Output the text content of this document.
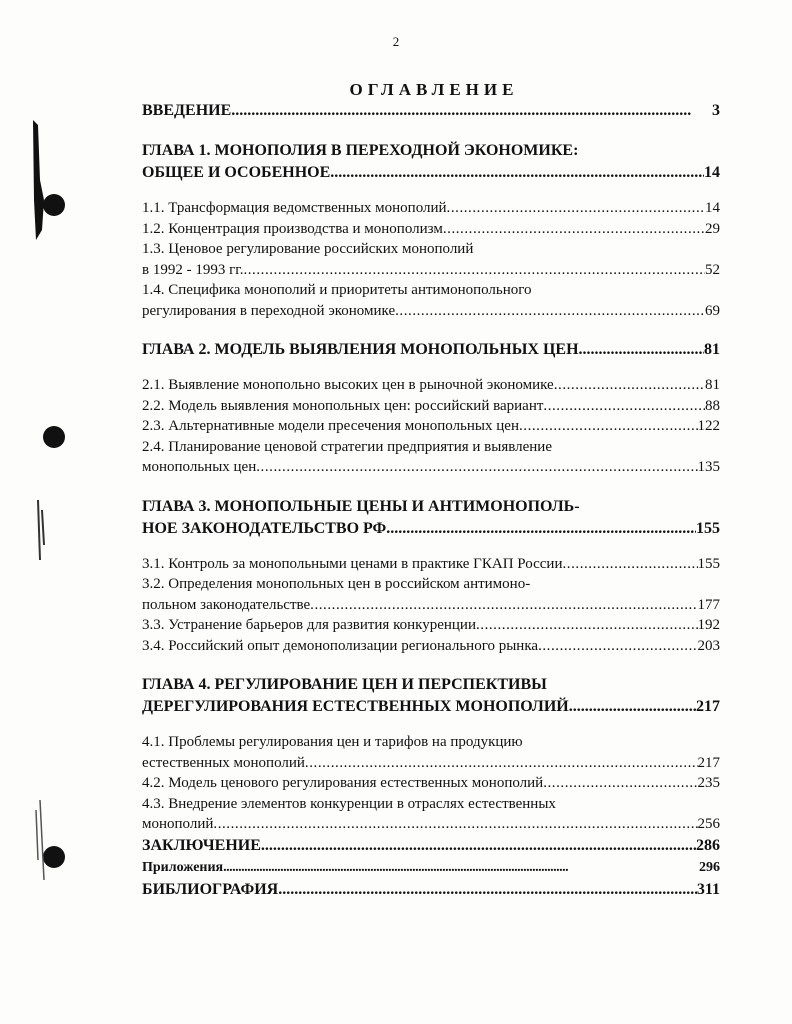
2
ОГЛАВЛЕНИЕ
ВВЕДЕНИЕ . . .	3
ГЛАВА 1. МОНОПОЛИЯ В ПЕРЕХОДНОЙ ЭКОНОМИКЕ:
ОБЩЕЕ И ОСОБЕННОЕ . . .	14
1.1. Трансформация ведомственных монополий . . .	14
1.2. Концентрация производства и монополизм . . .	29
1.3. Ценовое регулирование российских монополий
в 1992 - 1993 гг. . . .	52
1.4. Специфика монополий и приоритеты антимонопольного
регулирования в переходной экономике . . .	69
ГЛАВА 2. МОДЕЛЬ ВЫЯВЛЕНИЯ МОНОПОЛЬНЫХ ЦЕН . . .	81
2.1. Выявление монопольно высоких цен в рыночной экономике . . .	81
2.2. Модель выявления монопольных цен: российский вариант . . .	88
2.3. Альтернативные модели пресечения монопольных цен . . .	122
2.4. Планирование ценовой стратегии предприятия и выявление
монопольных цен . . .	135
ГЛАВА 3. МОНОПОЛЬНЫЕ ЦЕНЫ И АНТИМОНОПОЛЬ-
НОЕ ЗАКОНОДАТЕЛЬСТВО РФ . . .	155
3.1. Контроль за монопольными ценами в практике ГКАП России . . .	155
3.2. Определения монопольных цен в российском антимоно-
польном законодательстве . . .	177
3.3. Устранение барьеров для развития конкуренции . . .	192
3.4. Российский опыт демонополизации регионального рынка . . .	203
ГЛАВА 4. РЕГУЛИРОВАНИЕ ЦЕН И ПЕРСПЕКТИВЫ
ДЕРЕГУЛИРОВАНИЯ ЕСТЕСТВЕННЫХ МОНОПОЛИЙ . . .	217
4.1. Проблемы регулирования цен и тарифов на продукцию
естественных монополий . . .	217
4.2. Модель ценового регулирования естественных монополий . . .	235
4.3. Внедрение элементов конкуренции в отраслях естественных
монополий . . .	256
ЗАКЛЮЧЕНИЕ . . .	286
Приложения . . .	296
БИБЛИОГРАФИЯ . . .	311
